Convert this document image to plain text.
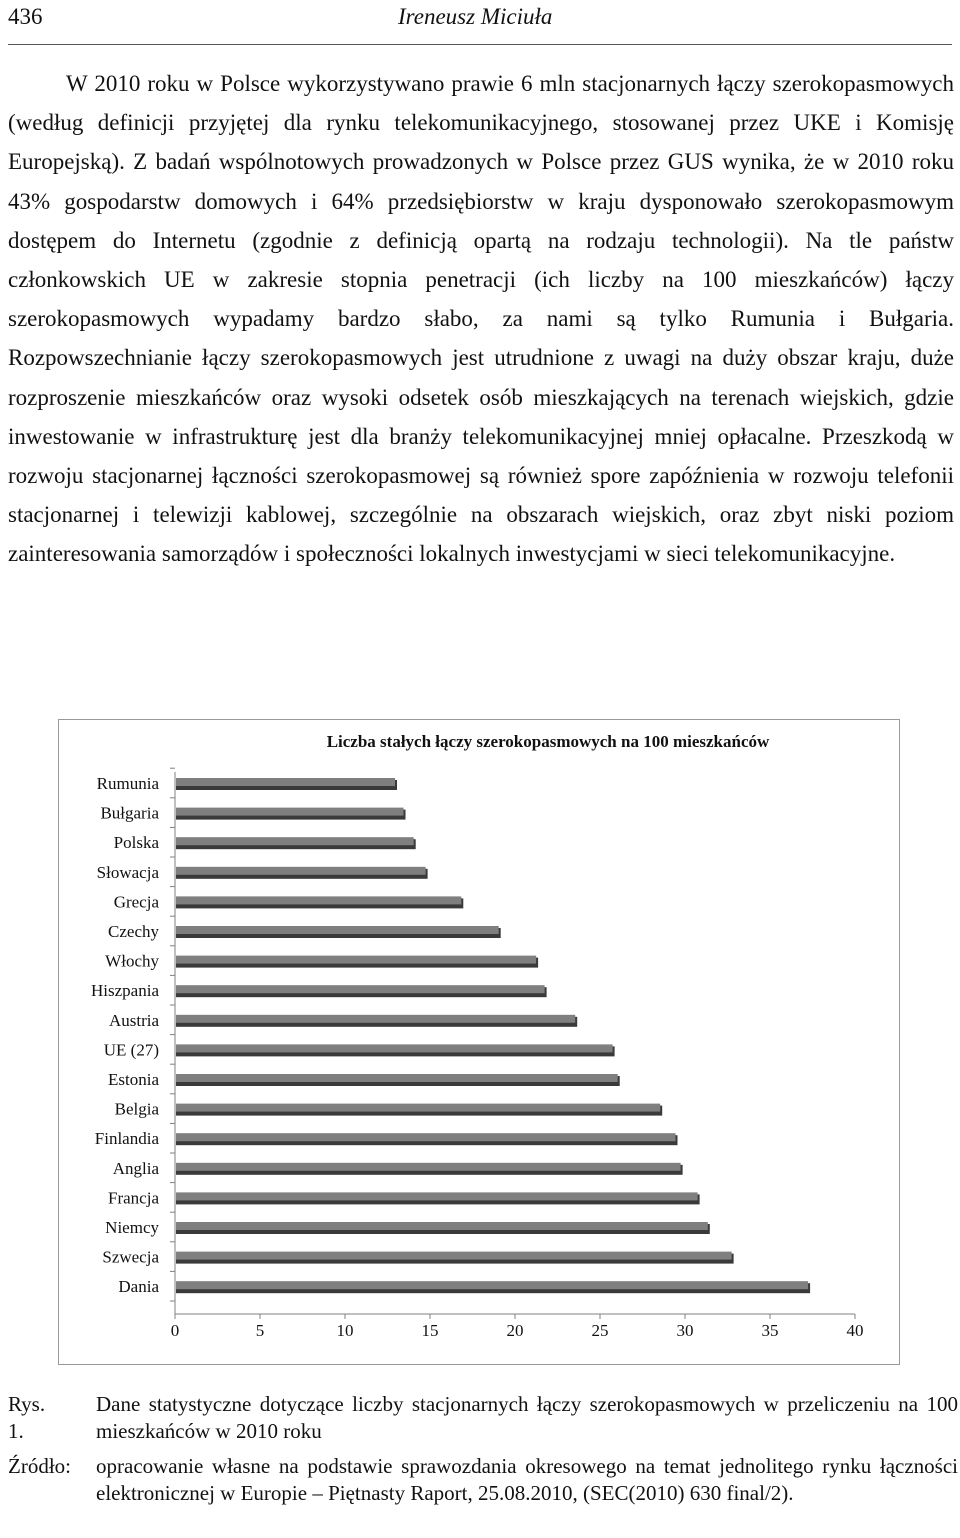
436	Ireneusz Miciuła

W 2010 roku w Polsce wykorzystywano prawie 6 mln stacjonarnych łączy szerokopasmowych (według definicji przyjętej dla rynku telekomunikacyjnego, stosowanej przez UKE i Komisję Europejską). Z badań wspólnotowych prowadzonych w Polsce przez GUS wynika, że w 2010 roku 43% gospodarstw domowych i 64% przedsiębiorstw w kraju dysponowało szerokopasmowym dostępem do Internetu (zgodnie z definicją opartą na rodzaju technologii). Na tle państw członkowskich UE w zakresie stopnia penetracji (ich liczby na 100 mieszkańców) łączy szerokopasmowych wypadamy bardzo słabo, za nami są tylko Rumunia i Bułgaria. Rozpowszechnianie łączy szerokopasmowych jest utrudnione z uwagi na duży obszar kraju, duże rozproszenie mieszkańców oraz wysoki odsetek osób mieszkających na terenach wiejskich, gdzie inwestowanie w infrastrukturę jest dla branży telekomunikacyjnej mniej opłacalne. Przeszkodą w rozwoju stacjonarnej łączności szerokopasmowej są również spore zapóźnienia w rozwoju telefonii stacjonarnej i telewizji kablowej, szczególnie na obszarach wiejskich, oraz zbyt niski poziom zainteresowania samorządów i społeczności lokalnych inwestycjami w sieci telekomunikacyjne.

Liczba stałych łączy szerokopasmowych na 100 mieszkańców
Rumunia
Bułgaria
Polska
Słowacja
Grecja
Czechy
Włochy
Hiszpania
Austria
UE (27)
Estonia
Belgia
Finlandia
Anglia
Francja
Niemcy
Szwecja
Dania
0	5	10	15	20	25	30	35	40
Rys. 1.
Dane statystyczne dotyczące liczby stacjonarnych łączy szerokopasmowych w przeliczeniu na 100 mieszkańców w 2010 roku
Źródło: opracowanie własne na podstawie sprawozdania okresowego na temat jednolitego rynku łączności elektronicznej w Europie – Piętnasty Raport, 25.08.2010, (SEC(2010) 630 final/2).
